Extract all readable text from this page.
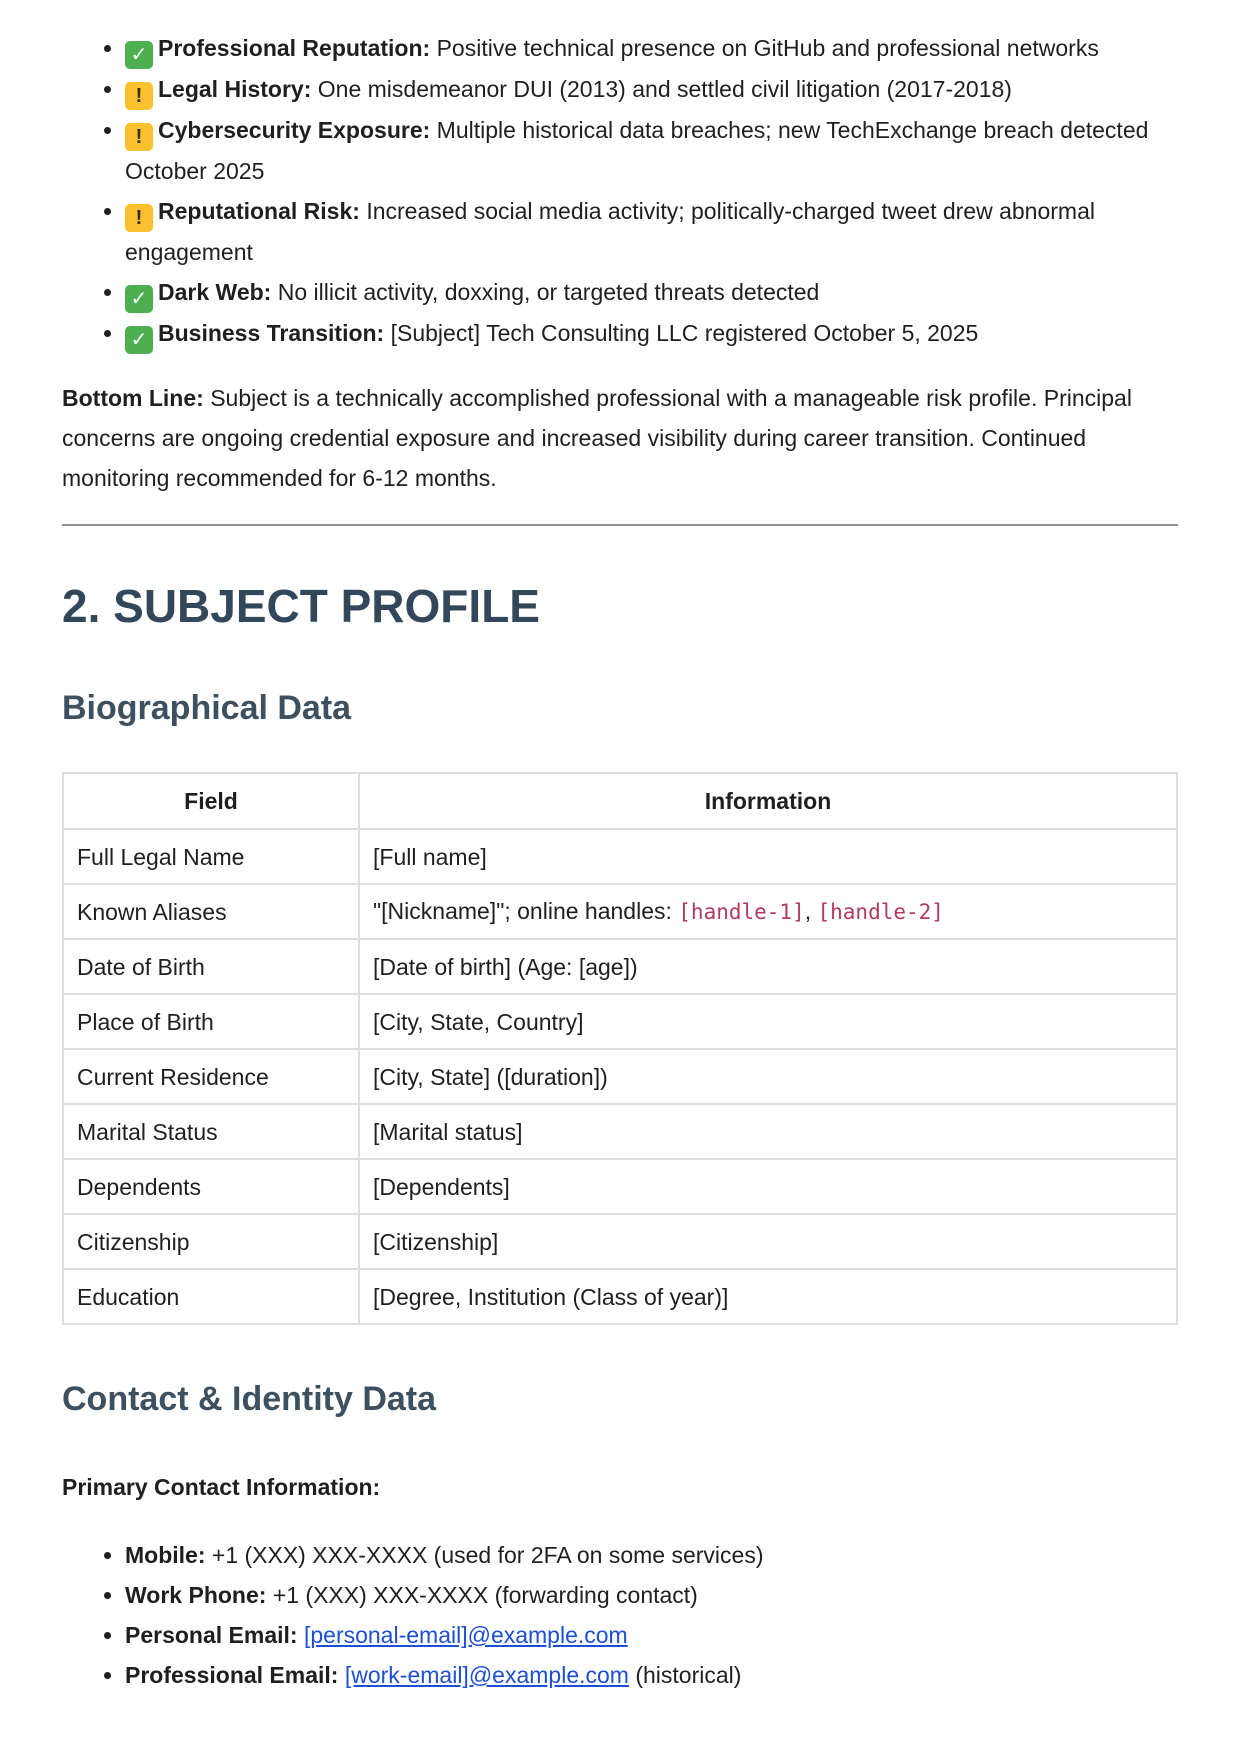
• ✓ Professional Reputation: Positive technical presence on GitHub and professional networks
• ! Legal History: One misdemeanor DUI (2013) and settled civil litigation (2017-2018)
• ! Cybersecurity Exposure: Multiple historical data breaches; new TechExchange breach detected October 2025
• ! Reputational Risk: Increased social media activity; politically-charged tweet drew abnormal engagement
• ✓ Dark Web: No illicit activity, doxxing, or targeted threats detected
• ✓ Business Transition: [Subject] Tech Consulting LLC registered October 5, 2025

Bottom Line: Subject is a technically accomplished professional with a manageable risk profile. Principal concerns are ongoing credential exposure and increased visibility during career transition. Continued monitoring recommended for 6-12 months.

2. SUBJECT PROFILE
Biographical Data
Field	Information
Full Legal Name	[Full name]
Known Aliases	"[Nickname]"; online handles: [handle-1], [handle-2]
Date of Birth	[Date of birth] (Age: [age])
Place of Birth	[City, State, Country]
Current Residence	[City, State] ([duration])
Marital Status	[Marital status]
Dependents	[Dependents]
Citizenship	[Citizenship]
Education	[Degree, Institution (Class of year)]
Contact & Identity Data

Primary Contact Information:

• Mobile: +1 (XXX) XXX-XXXX (used for 2FA on some services)
• Work Phone: +1 (XXX) XXX-XXXX (forwarding contact)
• Personal Email: [personal-email]@example.com
• Professional Email: [work-email]@example.com (historical)
